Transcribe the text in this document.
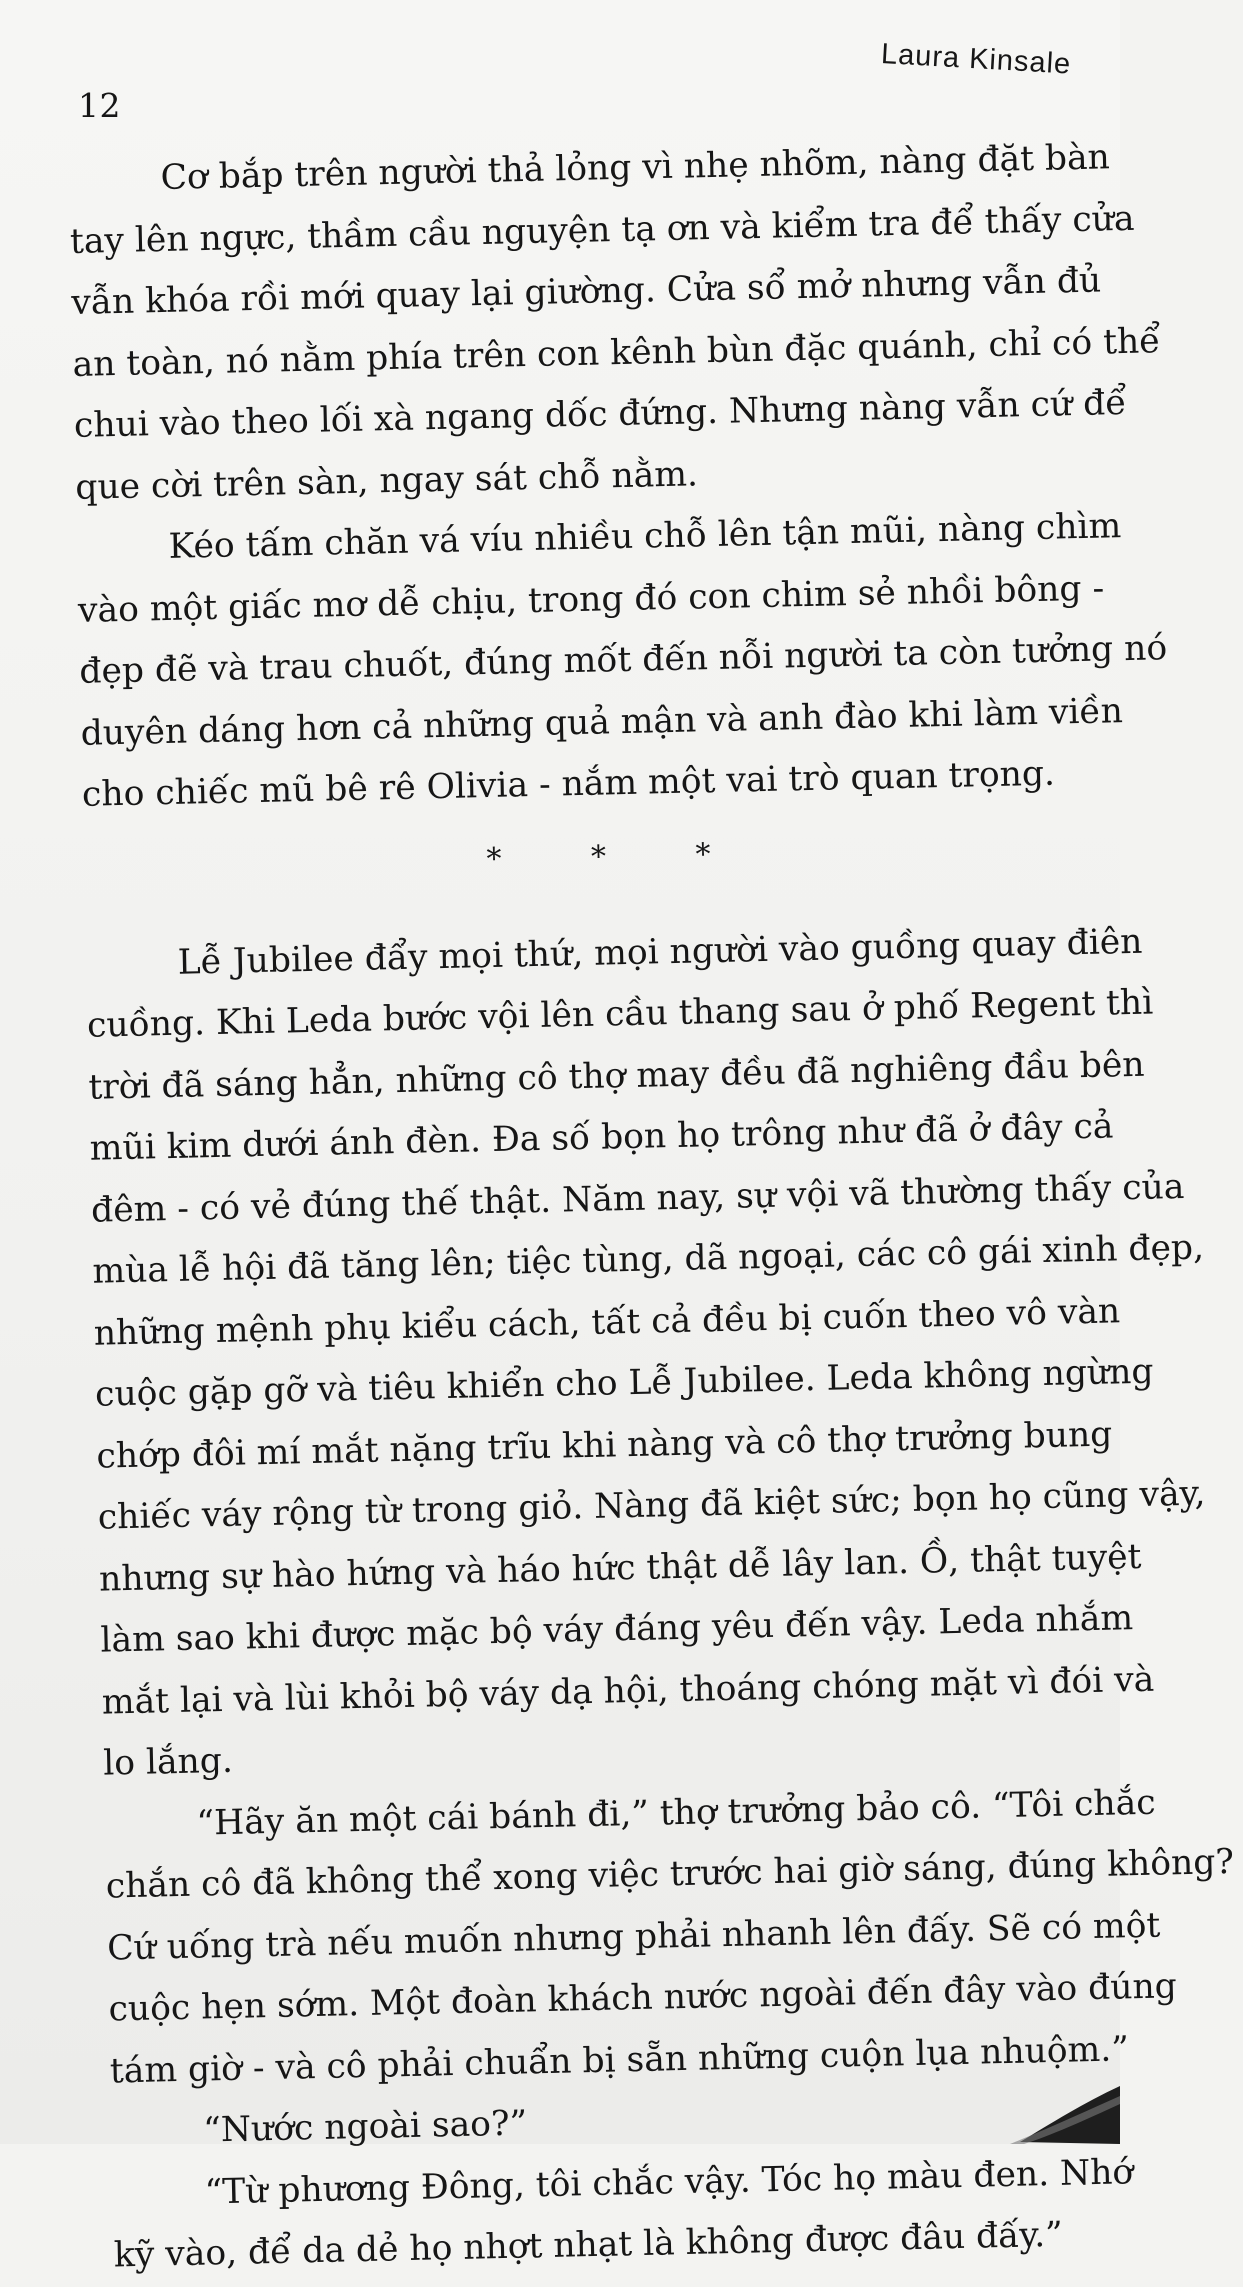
Laura Kinsale
12
Cơ bắp trên người thả lỏng vì nhẹ nhõm, nàng đặt bàn
tay lên ngực, thầm cầu nguyện tạ ơn và kiểm tra để thấy cửa
vẫn khóa rồi mới quay lại giường. Cửa sổ mở nhưng vẫn đủ
an toàn, nó nằm phía trên con kênh bùn đặc quánh, chỉ có thể
chui vào theo lối xà ngang dốc đứng. Nhưng nàng vẫn cứ để
que cời trên sàn, ngay sát chỗ nằm.
Kéo tấm chăn vá víu nhiều chỗ lên tận mũi, nàng chìm
vào một giấc mơ dễ chịu, trong đó con chim sẻ nhồi bông -
đẹp đẽ và trau chuốt, đúng mốt đến nỗi người ta còn tưởng nó
duyên dáng hơn cả những quả mận và anh đào khi làm viền
cho chiếc mũ bê rê Olivia - nắm một vai trò quan trọng.
* * *
Lễ Jubilee đẩy mọi thứ, mọi người vào guồng quay điên
cuồng. Khi Leda bước vội lên cầu thang sau ở phố Regent thì
trời đã sáng hẳn, những cô thợ may đều đã nghiêng đầu bên
mũi kim dưới ánh đèn. Đa số bọn họ trông như đã ở đây cả
đêm - có vẻ đúng thế thật. Năm nay, sự vội vã thường thấy của
mùa lễ hội đã tăng lên; tiệc tùng, dã ngoại, các cô gái xinh đẹp,
những mệnh phụ kiểu cách, tất cả đều bị cuốn theo vô vàn
cuộc gặp gỡ và tiêu khiển cho Lễ Jubilee. Leda không ngừng
chớp đôi mí mắt nặng trĩu khi nàng và cô thợ trưởng bung
chiếc váy rộng từ trong giỏ. Nàng đã kiệt sức; bọn họ cũng vậy,
nhưng sự hào hứng và háo hức thật dễ lây lan. Ồ, thật tuyệt
làm sao khi được mặc bộ váy đáng yêu đến vậy. Leda nhắm
mắt lại và lùi khỏi bộ váy dạ hội, thoáng chóng mặt vì đói và
lo lắng.
“Hãy ăn một cái bánh đi,” thợ trưởng bảo cô. “Tôi chắc
chắn cô đã không thể xong việc trước hai giờ sáng, đúng không?
Cứ uống trà nếu muốn nhưng phải nhanh lên đấy. Sẽ có một
cuộc hẹn sớm. Một đoàn khách nước ngoài đến đây vào đúng
tám giờ - và cô phải chuẩn bị sẵn những cuộn lụa nhuộm.”
“Nước ngoài sao?”
“Từ phương Đông, tôi chắc vậy. Tóc họ màu đen. Nhớ
kỹ vào, để da dẻ họ nhợt nhạt là không được đâu đấy.”
